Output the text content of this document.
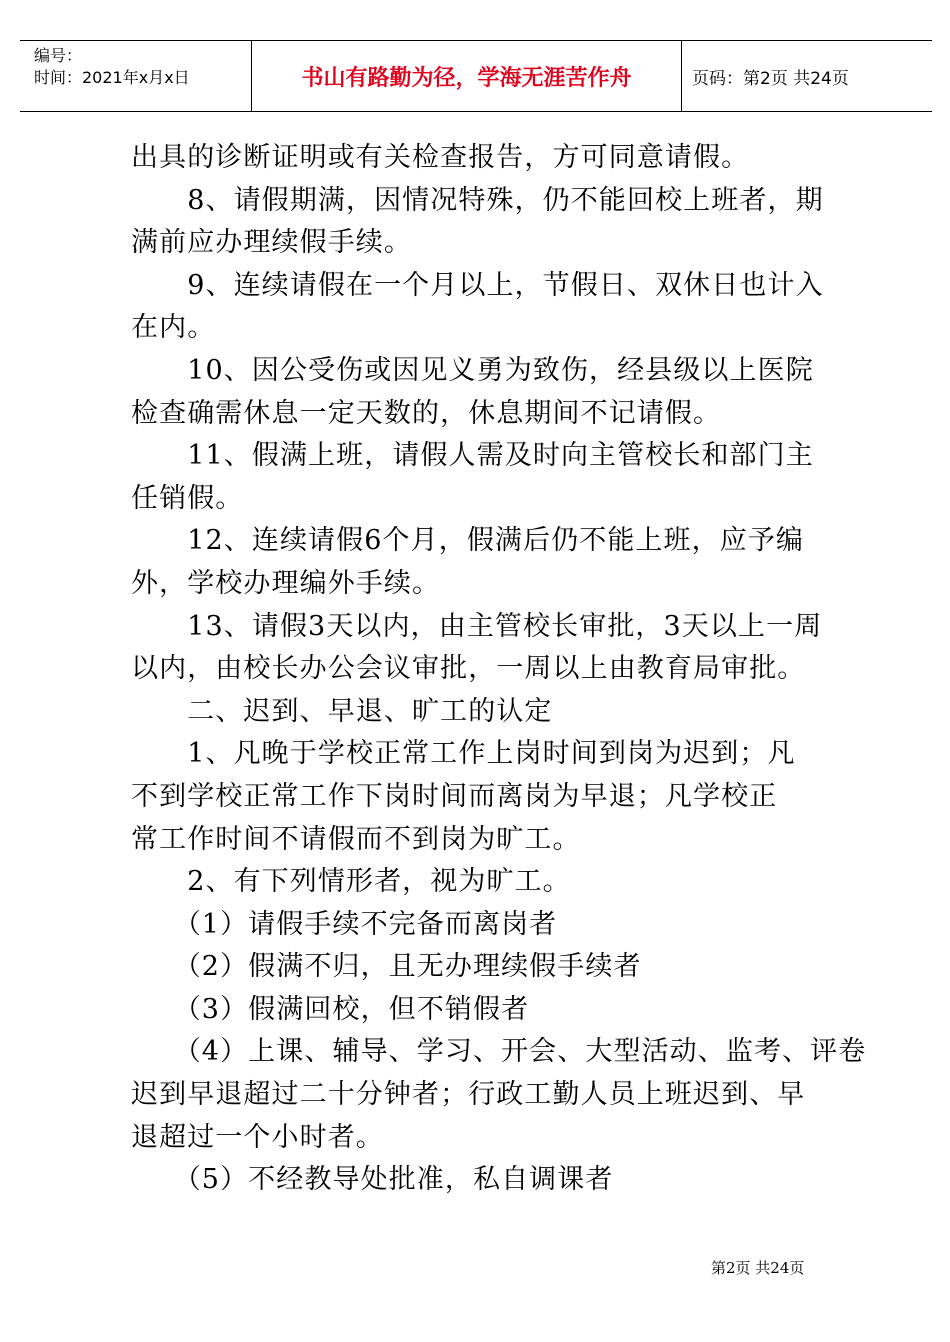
编号：
时间：2021年x月x日	书山有路勤为径，学海无涯苦作舟	页码：第2页 共24页
出具的诊断证明或有关检查报告，方可同意请假。
　　8、请假期满，因情况特殊，仍不能回校上班者，期
满前应办理续假手续。
　　9、连续请假在一个月以上，节假日、双休日也计入
在内。
　　10、因公受伤或因见义勇为致伤，经县级以上医院
检查确需休息一定天数的，休息期间不记请假。
　　11、假满上班，请假人需及时向主管校长和部门主
任销假。
　　12、连续请假6个月，假满后仍不能上班，应予编
外，学校办理编外手续。
　　13、请假3天以内，由主管校长审批，3天以上一周
以内，由校长办公会议审批，一周以上由教育局审批。
　　二、迟到、早退、旷工的认定
　　1、凡晚于学校正常工作上岗时间到岗为迟到；凡
不到学校正常工作下岗时间而离岗为早退；凡学校正
常工作时间不请假而不到岗为旷工。
　　2、有下列情形者，视为旷工。
　　（1）请假手续不完备而离岗者
　　（2）假满不归，且无办理续假手续者
　　（3）假满回校，但不销假者
　　（4）上课、辅导、学习、开会、大型活动、监考、评卷
迟到早退超过二十分钟者；行政工勤人员上班迟到、早
退超过一个小时者。
　　（5）不经教导处批准，私自调课者
第2页 共24页
